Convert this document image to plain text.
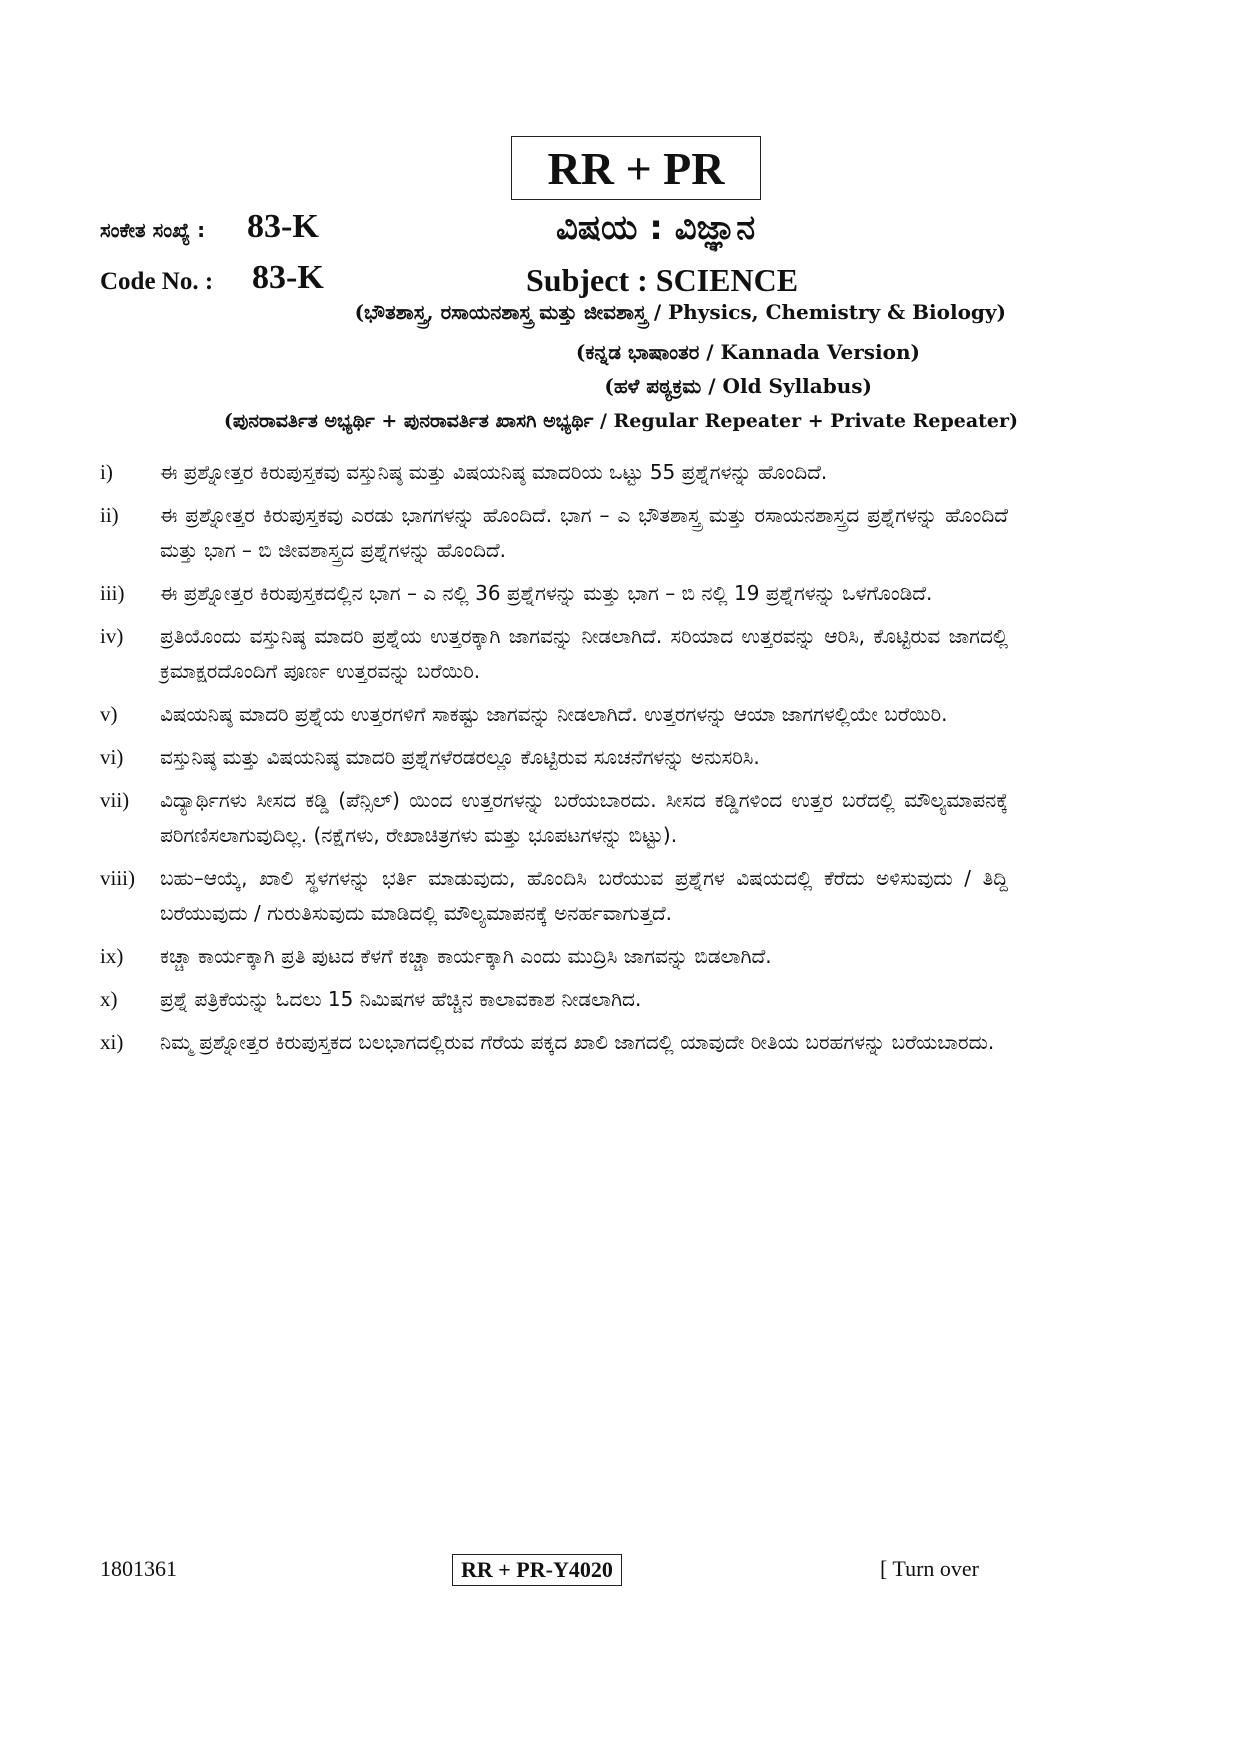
RR + PR
ಸಂಕೇತ ಸಂಖ್ಯೆ : 83-K	ವಿಷಯ : ವಿಜ್ಞಾನ
Code No. : 83-K	Subject : SCIENCE
(ಭೌತಶಾಸ್ತ್ರ, ರಸಾಯನಶಾಸ್ತ್ರ ಮತ್ತು ಜೀವಶಾಸ್ತ್ರ / Physics, Chemistry & Biology)
(ಕನ್ನಡ ಭಾಷಾಂತರ / Kannada Version)
(ಹಳೆ ಪಠ್ಯಕ್ರಮ / Old Syllabus)
(ಪುನರಾವರ್ತಿತ ಅಭ್ಯರ್ಥಿ + ಪುನರಾವರ್ತಿತ ಖಾಸಗಿ ಅಭ್ಯರ್ಥಿ / Regular Repeater + Private Repeater)
i)	ಈ ಪ್ರಶ್ನೋತ್ತರ ಕಿರುಪುಸ್ತಕವು ವಸ್ತುನಿಷ್ಠ ಮತ್ತು ವಿಷಯನಿಷ್ಠ ಮಾದರಿಯ ಒಟ್ಟು 55 ಪ್ರಶ್ನೆಗಳನ್ನು ಹೊಂದಿದೆ.
ii)	ಈ ಪ್ರಶ್ನೋತ್ತರ ಕಿರುಪುಸ್ತಕವು ಎರಡು ಭಾಗಗಳನ್ನು ಹೊಂದಿದೆ. ಭಾಗ – ಎ ಭೌತಶಾಸ್ತ್ರ ಮತ್ತು ರಸಾಯನಶಾಸ್ತ್ರದ ಪ್ರಶ್ನೆಗಳನ್ನು ಹೊಂದಿದೆ ಮತ್ತು ಭಾಗ – ಬಿ ಜೀವಶಾಸ್ತ್ರದ ಪ್ರಶ್ನೆಗಳನ್ನು ಹೊಂದಿದೆ.
iii)	ಈ ಪ್ರಶ್ನೋತ್ತರ ಕಿರುಪುಸ್ತಕದಲ್ಲಿನ ಭಾಗ – ಎ ನಲ್ಲಿ 36 ಪ್ರಶ್ನೆಗಳನ್ನು ಮತ್ತು ಭಾಗ – ಬಿ ನಲ್ಲಿ 19 ಪ್ರಶ್ನೆಗಳನ್ನು ಒಳಗೊಂಡಿದೆ.
iv)	ಪ್ರತಿಯೊಂದು ವಸ್ತುನಿಷ್ಠ ಮಾದರಿ ಪ್ರಶ್ನೆಯ ಉತ್ತರಕ್ಕಾಗಿ ಜಾಗವನ್ನು ನೀಡಲಾಗಿದೆ. ಸರಿಯಾದ ಉತ್ತರವನ್ನು ಆರಿಸಿ, ಕೊಟ್ಟಿರುವ ಜಾಗದಲ್ಲಿ ಕ್ರಮಾಕ್ಷರದೊಂದಿಗೆ ಪೂರ್ಣ ಉತ್ತರವನ್ನು ಬರೆಯಿರಿ.
v)	ವಿಷಯನಿಷ್ಠ ಮಾದರಿ ಪ್ರಶ್ನೆಯ ಉತ್ತರಗಳಿಗೆ ಸಾಕಷ್ಟು ಜಾಗವನ್ನು ನೀಡಲಾಗಿದೆ. ಉತ್ತರಗಳನ್ನು ಆಯಾ ಜಾಗಗಳಲ್ಲಿಯೇ ಬರೆಯಿರಿ.
vi)	ವಸ್ತುನಿಷ್ಠ ಮತ್ತು ವಿಷಯನಿಷ್ಠ ಮಾದರಿ ಪ್ರಶ್ನೆಗಳೆರಡರಲ್ಲೂ ಕೊಟ್ಟಿರುವ ಸೂಚನೆಗಳನ್ನು ಅನುಸರಿಸಿ.
vii)	ವಿದ್ಯಾರ್ಥಿಗಳು ಸೀಸದ ಕಡ್ಡಿ (ಪೆನ್ಸಿಲ್) ಯಿಂದ ಉತ್ತರಗಳನ್ನು ಬರೆಯಬಾರದು. ಸೀಸದ ಕಡ್ಡಿಗಳಿಂದ ಉತ್ತರ ಬರೆದಲ್ಲಿ ಮೌಲ್ಯಮಾಪನಕ್ಕೆ ಪರಿಗಣಿಸಲಾಗುವುದಿಲ್ಲ. (ನಕ್ಷೆಗಳು, ರೇಖಾಚಿತ್ರಗಳು ಮತ್ತು ಭೂಪಟಗಳನ್ನು ಬಿಟ್ಟು).
viii)	ಬಹು–ಆಯ್ಕೆ, ಖಾಲಿ ಸ್ಥಳಗಳನ್ನು ಭರ್ತಿ ಮಾಡುವುದು, ಹೊಂದಿಸಿ ಬರೆಯುವ ಪ್ರಶ್ನೆಗಳ ವಿಷಯದಲ್ಲಿ ಕೆರೆದು ಅಳಿಸುವುದು / ತಿದ್ದಿ ಬರೆಯುವುದು / ಗುರುತಿಸುವುದು ಮಾಡಿದಲ್ಲಿ ಮೌಲ್ಯಮಾಪನಕ್ಕೆ ಅನರ್ಹವಾಗುತ್ತದೆ.
ix)	ಕಚ್ಚಾ ಕಾರ್ಯಕ್ಕಾಗಿ ಪ್ರತಿ ಪುಟದ ಕೆಳಗೆ ಕಚ್ಚಾ ಕಾರ್ಯಕ್ಕಾಗಿ ಎಂದು ಮುದ್ರಿಸಿ ಜಾಗವನ್ನು ಬಿಡಲಾಗಿದೆ.
x)	ಪ್ರಶ್ನೆ ಪತ್ರಿಕೆಯನ್ನು ಓದಲು 15 ನಿಮಿಷಗಳ ಹೆಚ್ಚಿನ ಕಾಲಾವಕಾಶ ನೀಡಲಾಗಿದ.
xi)	ನಿಮ್ಮ ಪ್ರಶ್ನೋತ್ತರ ಕಿರುಪುಸ್ತಕದ ಬಲಭಾಗದಲ್ಲಿರುವ ಗೆರೆಯ ಪಕ್ಕದ ಖಾಲಿ ಜಾಗದಲ್ಲಿ ಯಾವುದೇ ರೀತಿಯ ಬರಹಗಳನ್ನು ಬರೆಯಬಾರದು.
1801361	RR + PR-Y4020	[ Turn over
